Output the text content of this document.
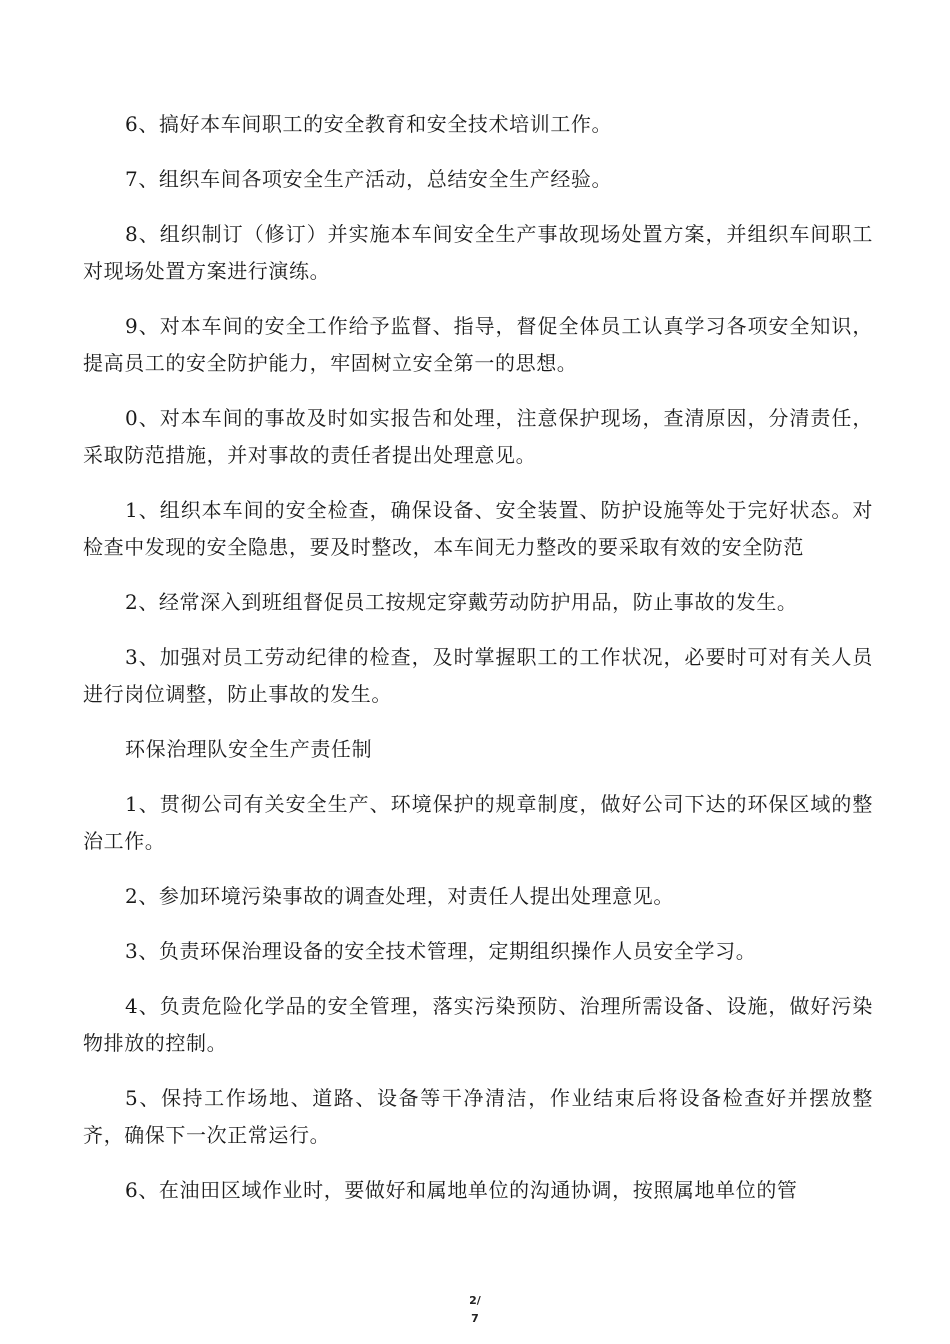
6、搞好本车间职工的安全教育和安全技术培训工作。

7、组织车间各项安全生产活动，总结安全生产经验。

8、组织制订（修订）并实施本车间安全生产事故现场处置方案，并组织车间职工对现场处置方案进行演练。

9、对本车间的安全工作给予监督、指导，督促全体员工认真学习各项安全知识，提高员工的安全防护能力，牢固树立安全第一的思想。

0、对本车间的事故及时如实报告和处理，注意保护现场，查清原因，分清责任，采取防范措施，并对事故的责任者提出处理意见。

1、组织本车间的安全检查，确保设备、安全装置、防护设施等处于完好状态。对检查中发现的安全隐患，要及时整改，本车间无力整改的要采取有效的安全防范

2、经常深入到班组督促员工按规定穿戴劳动防护用品，防止事故的发生。

3、加强对员工劳动纪律的检查，及时掌握职工的工作状况，必要时可对有关人员进行岗位调整，防止事故的发生。

环保治理队安全生产责任制

1、贯彻公司有关安全生产、环境保护的规章制度，做好公司下达的环保区域的整治工作。

2、参加环境污染事故的调查处理，对责任人提出处理意见。

3、负责环保治理设备的安全技术管理，定期组织操作人员安全学习。

4、负责危险化学品的安全管理，落实污染预防、治理所需设备、设施，做好污染物排放的控制。

5、保持工作场地、道路、设备等干净清洁，作业结束后将设备检查好并摆放整齐，确保下一次正常运行。

6、在油田区域作业时，要做好和属地单位的沟通协调，按照属地单位的管

2/
7
